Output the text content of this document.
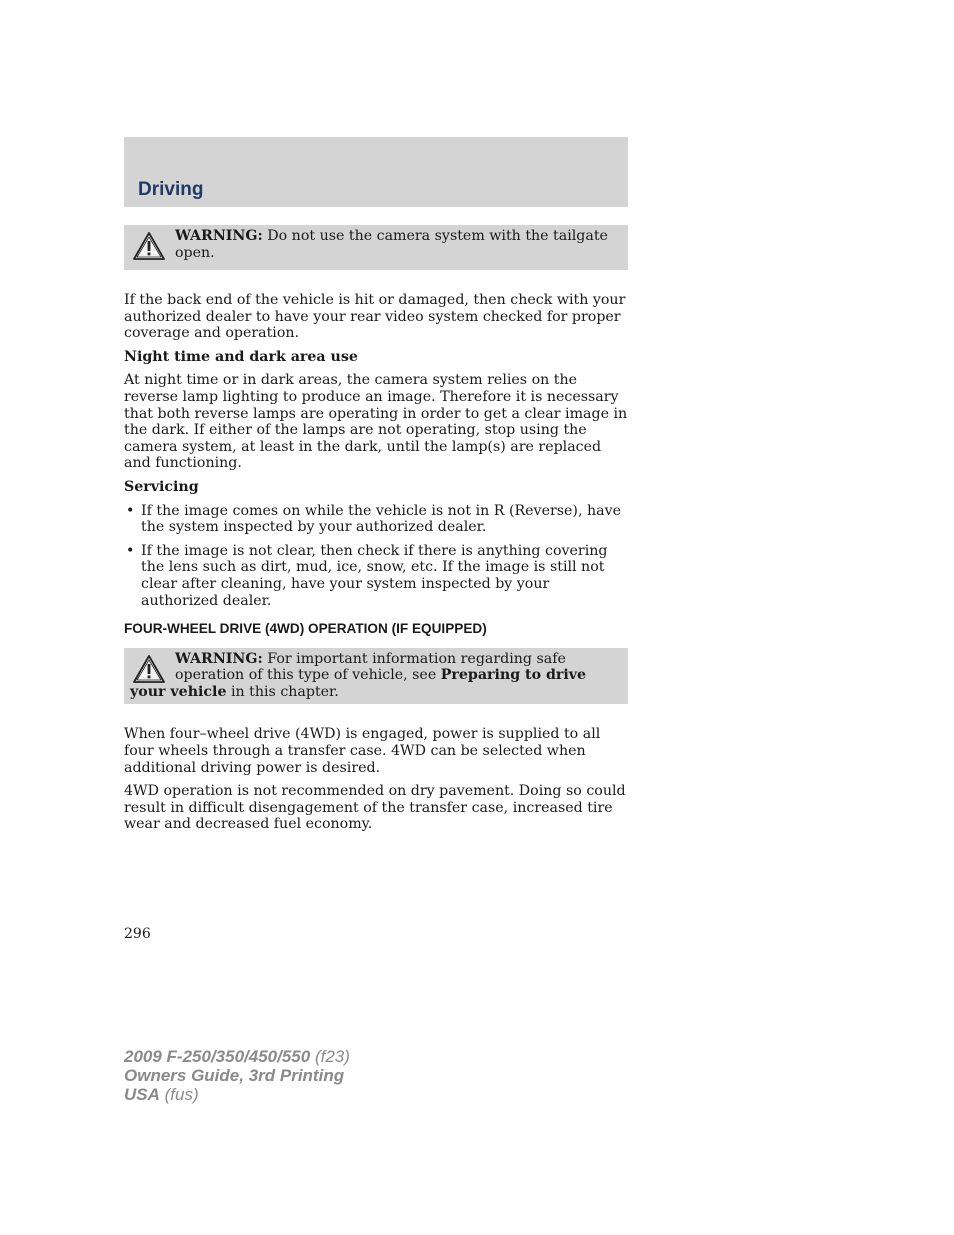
Driving

WARNING: Do not use the camera system with the tailgate open.

If the back end of the vehicle is hit or damaged, then check with your authorized dealer to have your rear video system checked for proper coverage and operation.

Night time and dark area use

At night time or in dark areas, the camera system relies on the reverse lamp lighting to produce an image. Therefore it is necessary that both reverse lamps are operating in order to get a clear image in the dark. If either of the lamps are not operating, stop using the camera system, at least in the dark, until the lamp(s) are replaced and functioning.

Servicing

• If the image comes on while the vehicle is not in R (Reverse), have the system inspected by your authorized dealer.
• If the image is not clear, then check if there is anything covering the lens such as dirt, mud, ice, snow, etc. If the image is still not clear after cleaning, have your system inspected by your authorized dealer.
FOUR-WHEEL DRIVE (4WD) OPERATION (IF EQUIPPED)

WARNING: For important information regarding safe operation of this type of vehicle, see Preparing to drive your vehicle in this chapter.

When four–wheel drive (4WD) is engaged, power is supplied to all four wheels through a transfer case. 4WD can be selected when additional driving power is desired.

4WD operation is not recommended on dry pavement. Doing so could result in difficult disengagement of the transfer case, increased tire wear and decreased fuel economy.

296
2009 F-250/350/450/550 (f23)
Owners Guide, 3rd Printing
USA (fus)
